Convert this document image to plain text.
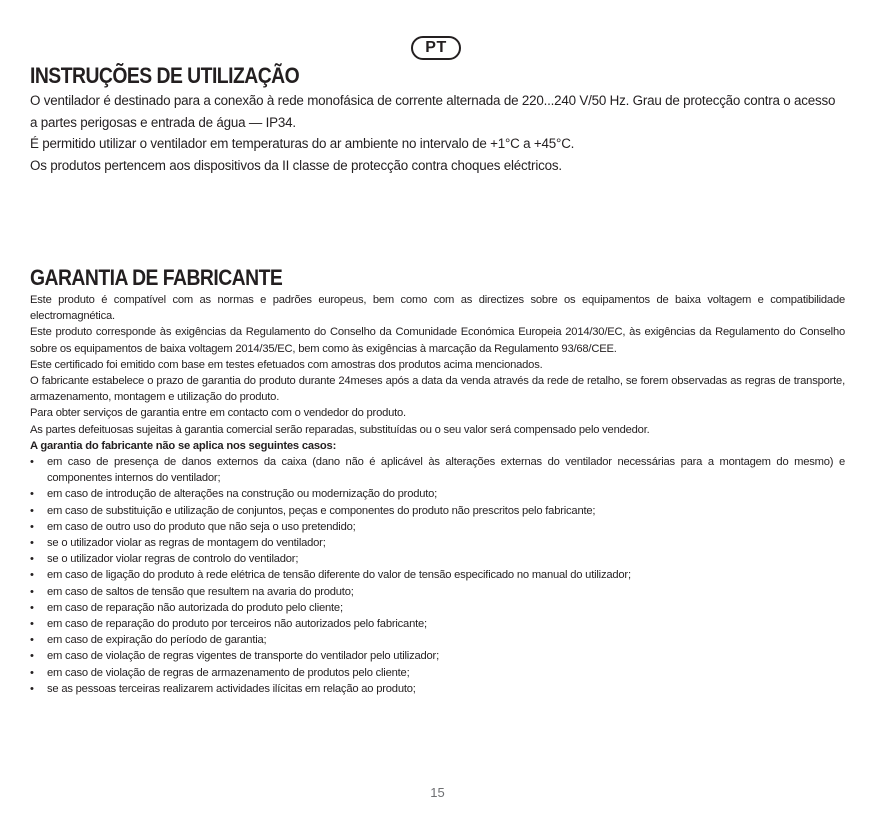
PT
INSTRUÇÕES DE UTILIZAÇÃO

O ventilador é destinado para a conexão à rede monofásica de corrente alternada de 220...240 V/50 Hz. Grau de protecção contra o acesso a partes perigosas e entrada de água — IP34.

É permitido utilizar o ventilador em temperaturas do ar ambiente no intervalo de +1°C a +45°C.

Os produtos pertencem aos dispositivos da II classe de protecção contra choques eléctricos.

GARANTIA DE FABRICANTE

Este produto é compatível com as normas e padrões europeus, bem como com as directizes sobre os equipamentos de baixa voltagem e compatibilidade electromagnética.

Este produto corresponde às exigências da Regulamento do Conselho da Comunidade Económica Europeia 2014/30/EC, às exigências da Regulamento do Conselho sobre os equipamentos de baixa voltagem 2014/35/EC, bem como às exigências à marcação da Regulamento 93/68/CEE.

Este certificado foi emitido com base em testes efetuados com amostras dos produtos acima mencionados.

O fabricante estabelece o prazo de garantia do produto durante 24meses após a data da venda através da rede de retalho, se forem observadas as regras de transporte, armazenamento, montagem e utilização do produto.

Para obter serviços de garantia entre em contacto com o vendedor do produto.

As partes defeituosas sujeitas à garantia comercial serão reparadas, substituídas ou o seu valor será compensado pelo vendedor.

A garantia do fabricante não se aplica nos seguintes casos:

• em caso de presença de danos externos da caixa (dano não é aplicável às alterações externas do ventilador necessárias para a montagem do mesmo) e componentes internos do ventilador;
• em caso de introdução de alterações na construção ou modernização do produto;
• em caso de substituição e utilização de conjuntos, peças e componentes do produto não prescritos pelo fabricante;
• em caso de outro uso do produto que não seja o uso pretendido;
• se o utilizador violar as regras de montagem do ventilador;
• se o utilizador violar regras de controlo do ventilador;
• em caso de ligação do produto à rede elétrica de tensão diferente do valor de tensão especificado no manual do utilizador;
• em caso de saltos de tensão que resultem na avaria do produto;
• em caso de reparação não autorizada do produto pelo cliente;
• em caso de reparação do produto por terceiros não autorizados pelo fabricante;
• em caso de expiração do período de garantia;
• em caso de violação de regras vigentes de transporte do ventilador pelo utilizador;
• em caso de violação de regras de armazenamento de produtos pelo cliente;
• se as pessoas terceiras realizarem actividades ilícitas em relação ao produto;
15
